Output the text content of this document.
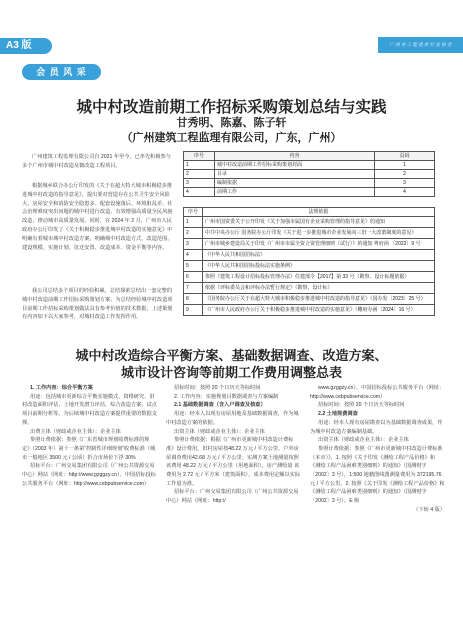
A3 版	广 州 市 工 程 造 价 行 业 协 会
会 员 风 采
城中村改造前期工作招标采购策划总结与实践
甘秀明、陈嘉、陈子轩
（广州建筑工程监理有限公司，广东，广州）

广州建筑工程监理有限公司自 2021 年至今，已率先积极参与多个广州市城中村改造及微改造工程项目。

根据城乡联合办公厅印发的《关于在超大特大城市积极稳步推进城中村改造的指导意见》，提出要对营造存在公共卫生安全风险大、房屋安全和消防安全隐患多、配套设施落后、环境脏乱差、社会治理难度突出问题的城中村进行改造，有效增强高质量全民风貌改造，推动城市高质量发展。同时，在 2024 年 2 月，广州市人民政府办公厅印发了《关于积极稳步推进城中村改造的实施意见》中明确有着城市城中村改造方案，明确城中村改造方式、改造范围、建设规模、实施计划、征迁安置、改造成本、资金平衡等内容。

我公司总结多个项目的经验积累，总结探索总结出一套完整的城中村改造前期工作招标采购策划方案。为总结经验城中村改造项目前期工作招标采购策划做法具有参考价值的技术数据，上述策划有内容如下以大家参考，对城村改造工作发挥作用。

序号	内容	页码
1	城中村改造前期工作招标采购策划封面	1
2	目录	2
3	编制依据	3
4	前期工作	4
序号	法规依据
1	广州市国资委关于公开印发《关于加强市属国有企业采购管理的指导意见》的通知
2	中共中央办公厅 国务院办公厅印发《关于进一步推进城市企业发展向三旧一大改策制度的意见》
3	广州市城乡建设局关于印发《广州市市属全资合资管理细则（试行）》的通知 粤府函 〔2022〕9 号
4	《中华人民共和国招标法》
5	《中华人民共和国招标投标法实施条例》
6	参照《建筑工程设计招标投标管理办法》住建部令【2017】第 33 号（勘察、设计标题依据）
7	依据《评标委员会和评标办法暂行规定》（勘察、设计标）
8	《国务院办公厅关于在超大特大城市积极稳步推进城中村改造的指导意见》（国办发〔2023〕25 号）
9	《广州市人民政府办公厅关于积极稳步推进城中村改造的实施意见》（穗府办函〔2024〕16 号）
城中村改造综合平衡方案、基础数据调查、改造方案、
城市设计咨询等前期工作费用调整总表

1. 工作内容：综合平衡方案

用途：包括城市更新综合平衡实施模式、资格研究、旧村改造面积评估、土地开发潜力评估、综合改造方案，试点项目前期分析等。为后续城中村改造方案提供重要的数据支撑。

出费主体（财政或企业主体）：企业主体

参照计费依据：参照《广东省城市规划收费标准的规定》（2003 年）第十一条第“控制性详细规划”收费标准（城市一般地区 3500 元 / 公顷）折合市场价下浮 30%

招标平台：广州交易集团有限公司（广州公共资源交易中心）网站（网址：http://www.gzggzy.cn）、中国招标投标公共服务平台（网址：http://www.cebpubservice.com）

招标时间：按照 20 个日历天等标时间

2. 工作内容：实施规划目数据调查与方案编制

2.1 基础数据调查（含入户调查及核查）

用途：经本人以现有房屋用地及基础数据调查，作为城中村改造方案的依据。

出资主体（财政或企业主体）：企业主体

参照计费依据：根据《广州市更新城中村改造计费标准》设计费用，旧村房屋按48.22 万元 / 平方公里，户外房屋调查费用42.68 万元 / 平方公里；实测方案土地测量按照该费用 48.22 万元 / 平方公里（用地面积），房产测绘量 该费用为 2.72 元 / 平方米（建筑面积），成本费用定额以实际工作量为准。

招标平台：广州交易集团有限公司（广州公共资源交易中心）网站（网址：http://

www.gzggzy.cn）、中国招标投标公共服务平台（网址：http://www.cebpubservice.com）

招标时间：按照 20 个日历天等标时间

2.2 土地规费调查

用途：经本人现有房屋勘查以为基础数据调查成果，作为城中村改造方案编制基础。

出资主体（财政或企业主体）：企业主体

参照计费依据：参照《广州市更新城中村改造计费标准（本市）》，1. 按照《关于印发《测绘工程产品价格》和《测绘工程产品困难类别细则》的通知》（国测财字〔2002〕3 号），1:500 地籍图线图测量费用为 372195.76 元 / 平方公里。2. 按照《关于印发《测绘工程产品价格》和《测绘工程产品困难类别细则》的通知》（国测财字〔2002〕3 号），E 级

（下转 4 版）
